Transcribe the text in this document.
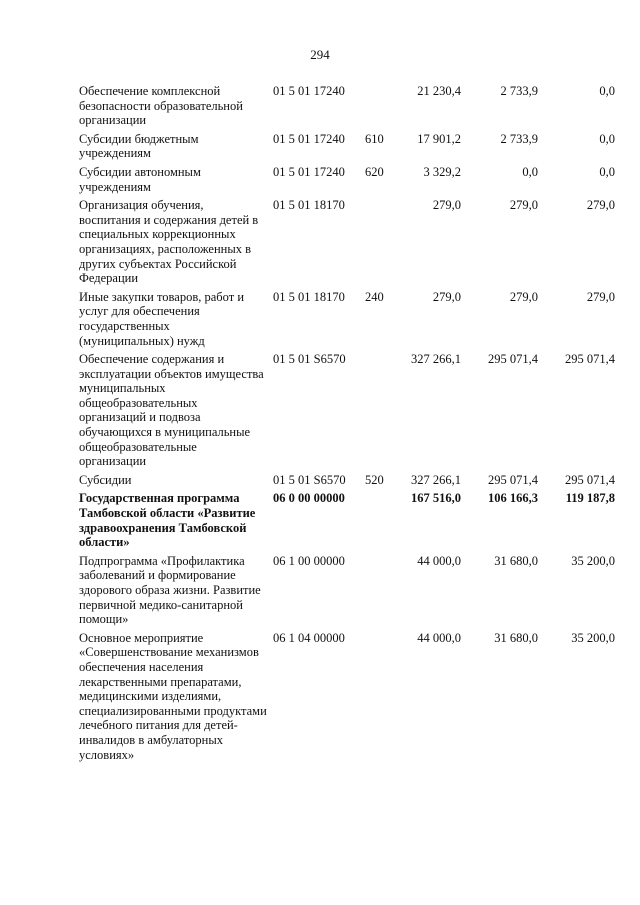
294
Обеспечение комплексной безопасности образовательной организации	01 5 01 17240		21 230,4	2 733,9	0,0
Субсидии бюджетным учреждениям	01 5 01 17240	610	17 901,2	2 733,9	0,0
Субсидии автономным учреждениям	01 5 01 17240	620	3 329,2	0,0	0,0
Организация обучения, воспитания и содержания детей в специальных коррекционных организациях, расположенных в других субъектах Российской Федерации	01 5 01 18170		279,0	279,0	279,0
Иные закупки товаров, работ и услуг для обеспечения государственных (муниципальных) нужд	01 5 01 18170	240	279,0	279,0	279,0
Обеспечение содержания и эксплуатации объектов имущества муниципальных общеобразовательных организаций и подвоза обучающихся в муниципальные общеобразовательные организации	01 5 01 S6570		327 266,1	295 071,4	295 071,4
Субсидии	01 5 01 S6570	520	327 266,1	295 071,4	295 071,4
Государственная программа Тамбовской области «Развитие здравоохранения Тамбовской области»	06 0 00 00000		167 516,0	106 166,3	119 187,8
Подпрограмма «Профилактика заболеваний и формирование здорового образа жизни. Развитие первичной медико-санитарной помощи»	06 1 00 00000		44 000,0	31 680,0	35 200,0
Основное мероприятие «Совершенствование механизмов обеспечения населения лекарственными препаратами, медицинскими изделиями, специализированными продуктами лечебного питания для детей-инвалидов в амбулаторных условиях»	06 1 04 00000		44 000,0	31 680,0	35 200,0
